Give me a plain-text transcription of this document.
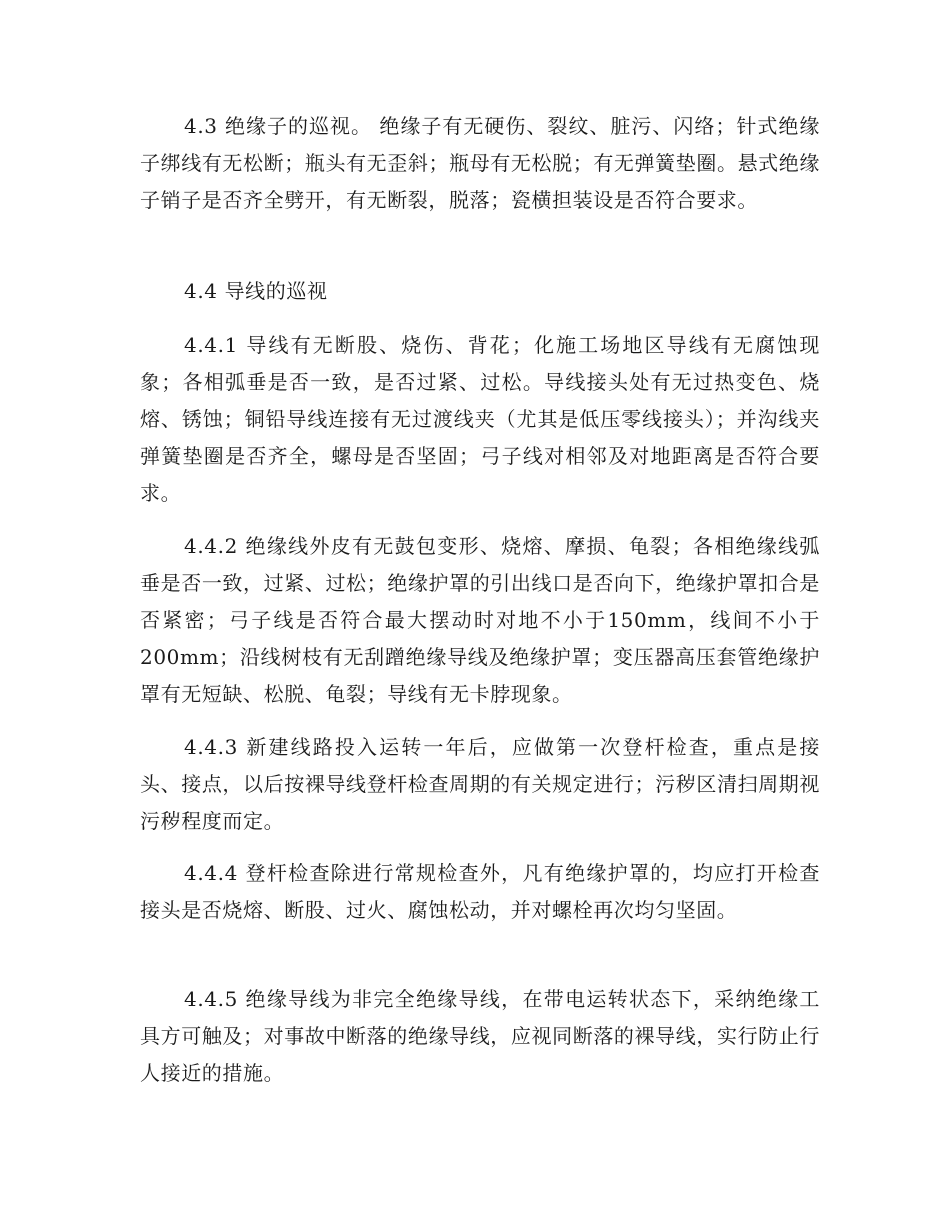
4.3 绝缘子的巡视。 绝缘子有无硬伤、裂纹、脏污、闪络；针式绝缘子绑线有无松断；瓶头有无歪斜；瓶母有无松脱；有无弹簧垫圈。悬式绝缘子销子是否齐全劈开，有无断裂，脱落；瓷横担装设是否符合要求。

4.4 导线的巡视

4.4.1 导线有无断股、烧伤、背花；化施工场地区导线有无腐蚀现象；各相弧垂是否一致，是否过紧、过松。导线接头处有无过热变色、烧熔、锈蚀；铜铅导线连接有无过渡线夹（尤其是低压零线接头）；并沟线夹弹簧垫圈是否齐全，螺母是否坚固；弓子线对相邻及对地距离是否符合要求。

4.4.2 绝缘线外皮有无鼓包变形、烧熔、摩损、龟裂；各相绝缘线弧垂是否一致，过紧、过松；绝缘护罩的引出线口是否向下，绝缘护罩扣合是否紧密；弓子线是否符合最大摆动时对地不小于150mm，线间不小于200mm；沿线树枝有无刮蹭绝缘导线及绝缘护罩；变压器高压套管绝缘护罩有无短缺、松脱、龟裂；导线有无卡脖现象。

4.4.3 新建线路投入运转一年后，应做第一次登杆检查，重点是接头、接点，以后按裸导线登杆检查周期的有关规定进行；污秽区清扫周期视污秽程度而定。

4.4.4 登杆检查除进行常规检查外，凡有绝缘护罩的，均应打开检查接头是否烧熔、断股、过火、腐蚀松动，并对螺栓再次均匀坚固。

4.4.5 绝缘导线为非完全绝缘导线，在带电运转状态下，采纳绝缘工具方可触及；对事故中断落的绝缘导线，应视同断落的裸导线，实行防止行人接近的措施。
